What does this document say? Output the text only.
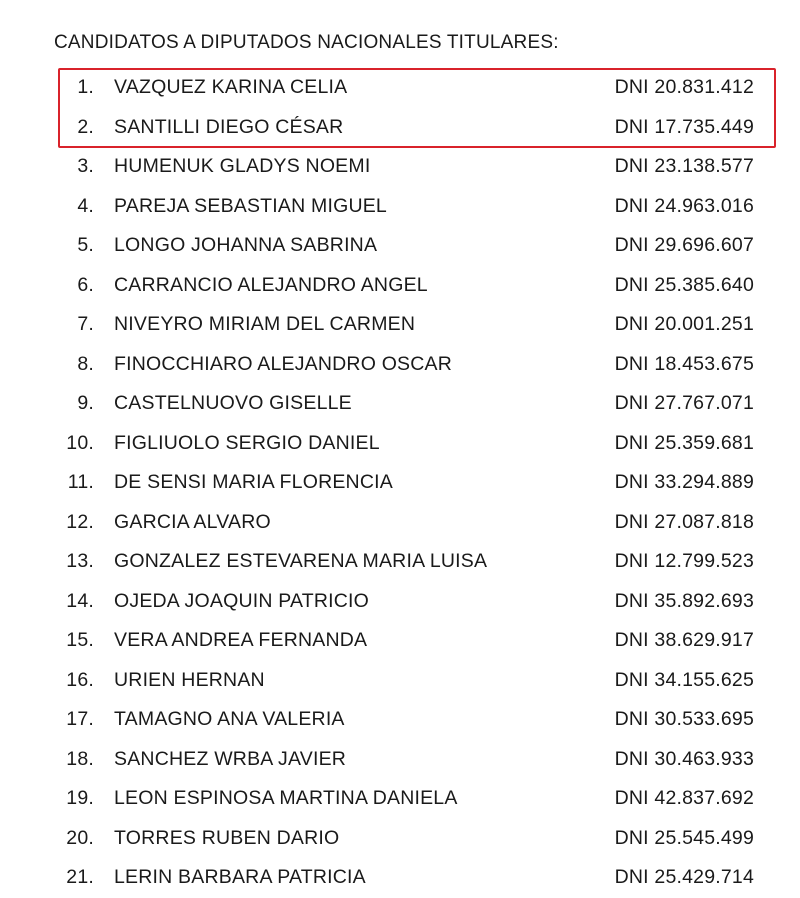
CANDIDATOS A DIPUTADOS NACIONALES TITULARES:
1. VAZQUEZ KARINA CELIA	DNI 20.831.412
2. SANTILLI DIEGO CÉSAR	DNI 17.735.449
3. HUMENUK GLADYS NOEMI	DNI 23.138.577
4. PAREJA SEBASTIAN MIGUEL	DNI 24.963.016
5. LONGO JOHANNA SABRINA	DNI 29.696.607
6. CARRANCIO ALEJANDRO ANGEL	DNI 25.385.640
7. NIVEYRO MIRIAM DEL CARMEN	DNI 20.001.251
8. FINOCCHIARO ALEJANDRO OSCAR	DNI 18.453.675
9. CASTELNUOVO GISELLE	DNI 27.767.071
10. FIGLIUOLO SERGIO DANIEL	DNI 25.359.681
11. DE SENSI MARIA FLORENCIA	DNI 33.294.889
12. GARCIA ALVARO	DNI 27.087.818
13. GONZALEZ ESTEVARENA MARIA LUISA	DNI 12.799.523
14. OJEDA JOAQUIN PATRICIO	DNI 35.892.693
15. VERA ANDREA FERNANDA	DNI 38.629.917
16. URIEN HERNAN	DNI 34.155.625
17. TAMAGNO ANA VALERIA	DNI 30.533.695
18. SANCHEZ WRBA JAVIER	DNI 30.463.933
19. LEON ESPINOSA MARTINA DANIELA	DNI 42.837.692
20. TORRES RUBEN DARIO	DNI 25.545.499
21. LERIN BARBARA PATRICIA	DNI 25.429.714
